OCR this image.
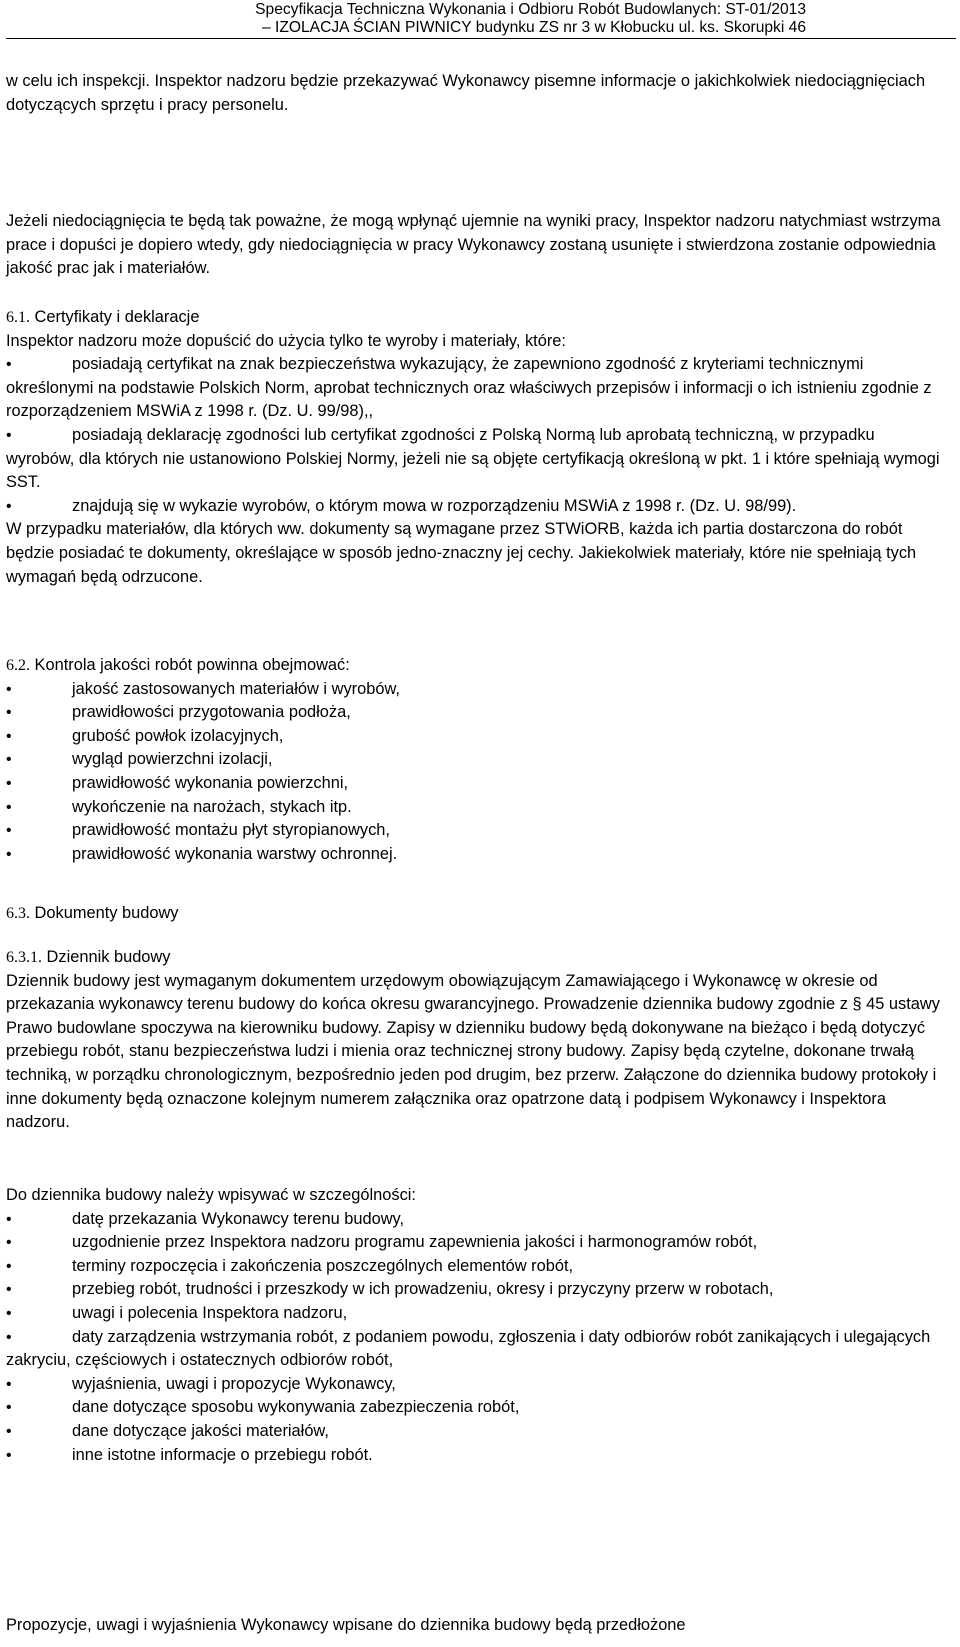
Specyfikacja Techniczna Wykonania i Odbioru Robót Budowlanych: ST-01/2013
– IZOLACJA ŚCIAN PIWNICY budynku ZS nr 3 w Kłobucku ul. ks. Skorupki 46

w celu ich inspekcji. Inspektor nadzoru będzie przekazywać Wykonawcy pisemne informacje o jakichkolwiek niedociągnięciach dotyczących sprzętu i pracy personelu.

Jeżeli niedociągnięcia te będą tak poważne, że mogą wpłynąć ujemnie na wyniki pracy, Inspektor nadzoru natychmiast wstrzyma prace i dopuści je dopiero wtedy, gdy niedociągnięcia w pracy Wykonawcy zostaną usunięte i stwierdzona zostanie odpowiednia jakość prac jak i materiałów.

6.1. Certyfikaty i deklaracje

Inspektor nadzoru może dopuścić do użycia tylko te wyroby i materiały, które:

•posiadają certyfikat na znak bezpieczeństwa wykazujący, że zapewniono zgodność z kryteriami technicznymi określonymi na podstawie Polskich Norm, aprobat technicznych oraz właściwych przepisów i informacji o ich istnieniu zgodnie z rozporządzeniem MSWiA z 1998 r. (Dz. U. 99/98),,
•posiadają deklarację zgodności lub certyfikat zgodności z Polską Normą lub aprobatą techniczną, w przypadku wyrobów, dla których nie ustanowiono Polskiej Normy, jeżeli nie są objęte certyfikacją określoną w pkt. 1 i które spełniają wymogi SST.
•znajdują się w wykazie wyrobów, o którym mowa w rozporządzeniu MSWiA z 1998 r. (Dz. U. 98/99).

W przypadku materiałów, dla których ww. dokumenty są wymagane przez STWiORB, każda ich partia dostarczona do robót będzie posiadać te dokumenty, określające w sposób jedno-znaczny jej cechy. Jakiekolwiek materiały, które nie spełniają tych wymagań będą odrzucone.

6.2. Kontrola jakości robót powinna obejmować:

•jakość zastosowanych materiałów i wyrobów,
•prawidłowości przygotowania podłoża,
•grubość powłok izolacyjnych,
•wygląd powierzchni izolacji,
•prawidłowość wykonania powierzchni,
•wykończenie na narożach, stykach itp.
•prawidłowość montażu płyt styropianowych,
•prawidłowość wykonania warstwy ochronnej.

6.3. Dokumenty budowy

6.3.1. Dziennik budowy

Dziennik budowy jest wymaganym dokumentem urzędowym obowiązującym Zamawiającego i Wykonawcę w okresie od przekazania wykonawcy terenu budowy do końca okresu gwarancyjnego. Prowadzenie dziennika budowy zgodnie z § 45 ustawy Prawo budowlane spoczywa na kierowniku budowy. Zapisy w dzienniku budowy będą dokonywane na bieżąco i będą dotyczyć przebiegu robót, stanu bezpieczeństwa ludzi i mienia oraz technicznej strony budowy. Zapisy będą czytelne, dokonane trwałą techniką, w porządku chronologicznym, bezpośrednio jeden pod drugim, bez przerw. Załączone do dziennika budowy protokoły i inne dokumenty będą oznaczone kolejnym numerem załącznika oraz opatrzone datą i podpisem Wykonawcy i Inspektora nadzoru.

Do dziennika budowy należy wpisywać w szczególności:

•datę przekazania Wykonawcy terenu budowy,
•uzgodnienie przez Inspektora nadzoru programu zapewnienia jakości i harmonogramów robót,
•terminy rozpoczęcia i zakończenia poszczególnych elementów robót,
•przebieg robót, trudności i przeszkody w ich prowadzeniu, okresy i przyczyny przerw w robotach,
•uwagi i polecenia Inspektora nadzoru,
•daty zarządzenia wstrzymania robót, z podaniem powodu, zgłoszenia i daty odbiorów robót zanikających i ulegających zakryciu, częściowych i ostatecznych odbiorów robót,
•wyjaśnienia, uwagi i propozycje Wykonawcy,
•dane dotyczące sposobu wykonywania zabezpieczenia robót,
•dane dotyczące jakości materiałów,
•inne istotne informacje o przebiegu robót.

Propozycje, uwagi i wyjaśnienia Wykonawcy wpisane do dziennika budowy będą przedłożone
